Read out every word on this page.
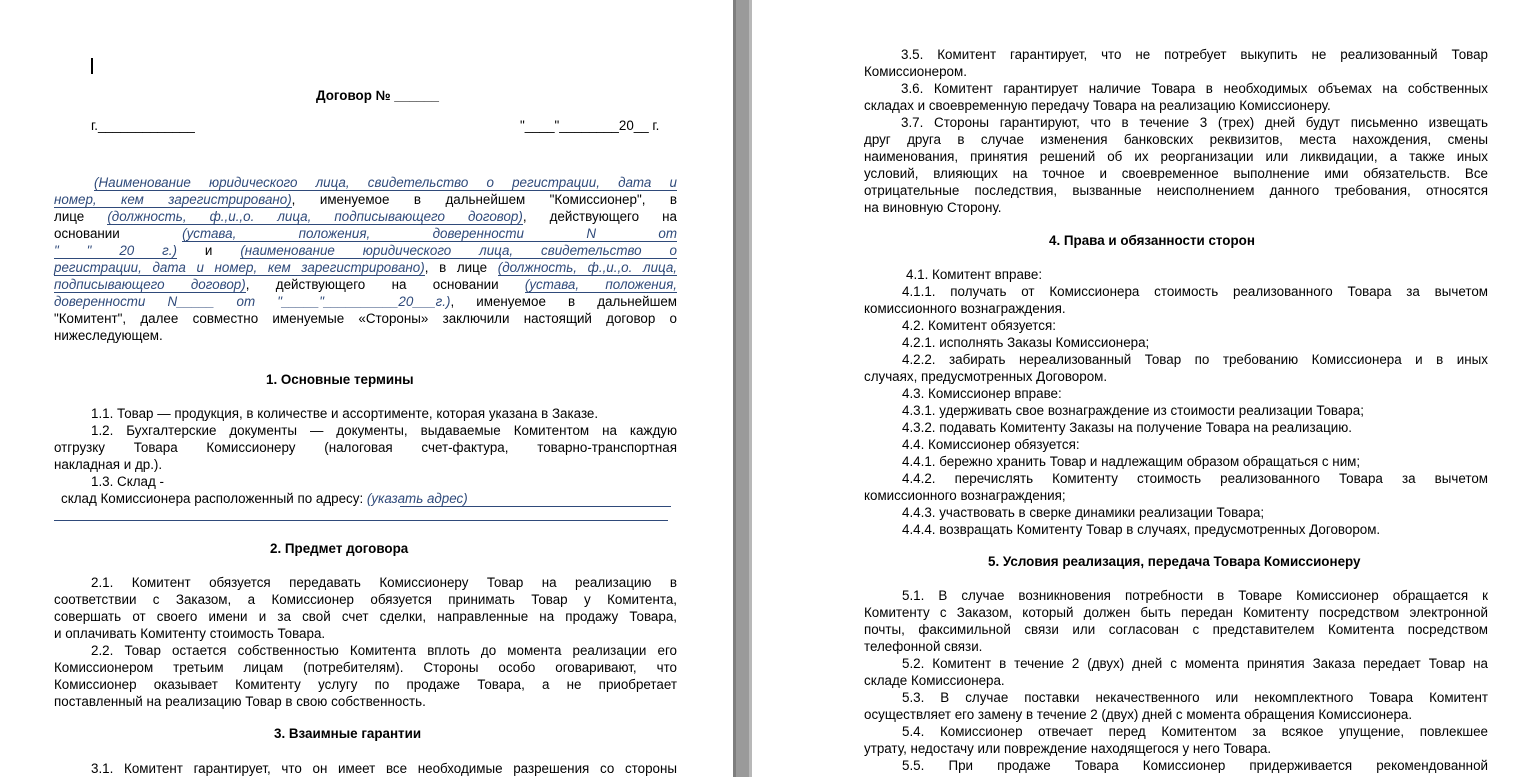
Договор № ______
г._____________	"____"________20__ г.
(Наименование юридического лица, свидетельство о регистрации, дата и
номер, кем зарегистрировано), именуемое в дальнейшем "Комиссионер", в
лице (должность, ф.,и.,о. лица, подписывающего договор), действующего на
основании (устава, положения, доверенности N от
" " 20 г.) и (наименование юридического лица, свидетельство о
регистрации, дата и номер, кем зарегистрировано), в лице (должность, ф.,и.,о. лица,
подписывающего договор), действующего на основании (устава, положения,
доверенности N_____ от "_____"__________20___г.), именуемое в дальнейшем
"Комитент", далее совместно именуемые «Стороны» заключили настоящий договор о
нижеследующем.
1. Основные термины
1.1. Товар — продукция, в количестве и ассортименте, которая указана в Заказе.
1.2. Бухгалтерские документы — документы, выдаваемые Комитентом на каждую
отгрузку Товара Комиссионеру (налоговая счет-фактура, товарно-транспортная
накладная и др.).
1.3. Склад -
склад Комиссионера расположенный по адресу: (указать адрес)
2. Предмет договора
2.1. Комитент обязуется передавать Комиссионеру Товар на реализацию в
соответствии с Заказом, а Комиссионер обязуется принимать Товар у Комитента,
совершать от своего имени и за свой счет сделки, направленные на продажу Товара,
и оплачивать Комитенту стоимость Товара.
2.2. Товар остается собственностью Комитента вплоть до момента реализации его
Комиссионером третьим лицам (потребителям). Стороны особо оговаривают, что
Комиссионер оказывает Комитенту услугу по продаже Товара, а не приобретает
поставленный на реализацию Товар в свою собственность.
3. Взаимные гарантии
3.1. Комитент гарантирует, что он имеет все необходимые разрешения со стороны
3.5. Комитент гарантирует, что не потребует выкупить не реализованный Товар
Комиссионером.
3.6. Комитент гарантирует наличие Товара в необходимых объемах на собственных
складах и своевременную передачу Товара на реализацию Комиссионеру.
3.7. Стороны гарантируют, что в течение 3 (трех) дней будут письменно извещать
друг друга в случае изменения банковских реквизитов, места нахождения, смены
наименования, принятия решений об их реорганизации или ликвидации, а также иных
условий, влияющих на точное и своевременное выполнение ими обязательств. Все
отрицательные последствия, вызванные неисполнением данного требования, относятся
на виновную Сторону.
4. Права и обязанности сторон
4.1. Комитент вправе:
4.1.1. получать от Комиссионера стоимость реализованного Товара за вычетом
комиссионного вознаграждения.
4.2. Комитент обязуется:
4.2.1. исполнять Заказы Комиссионера;
4.2.2. забирать нереализованный Товар по требованию Комиссионера и в иных
случаях, предусмотренных Договором.
4.3. Комиссионер вправе:
4.3.1. удерживать свое вознаграждение из стоимости реализации Товара;
4.3.2. подавать Комитенту Заказы на получение Товара на реализацию.
4.4. Комиссионер обязуется:
4.4.1. бережно хранить Товар и надлежащим образом обращаться с ним;
4.4.2. перечислять Комитенту стоимость реализованного Товара за вычетом
комиссионного вознаграждения;
4.4.3. участвовать в сверке динамики реализации Товара;
4.4.4. возвращать Комитенту Товар в случаях, предусмотренных Договором.
5. Условия реализация, передача Товара Комиссионеру
5.1. В случае возникновения потребности в Товаре Комиссионер обращается к
Комитенту с Заказом, который должен быть передан Комитенту посредством электронной
почты, факсимильной связи или согласован с представителем Комитента посредством
телефонной связи.
5.2. Комитент в течение 2 (двух) дней с момента принятия Заказа передает Товар на
складе Комиссионера.
5.3. В случае поставки некачественного или некомплектного Товара Комитент
осуществляет его замену в течение 2 (двух) дней с момента обращения Комиссионера.
5.4. Комиссионер отвечает перед Комитентом за всякое упущение, повлекшее
утрату, недостачу или повреждение находящегося у него Товара.
5.5. При продаже Товара Комиссионер придерживается рекомендованной
